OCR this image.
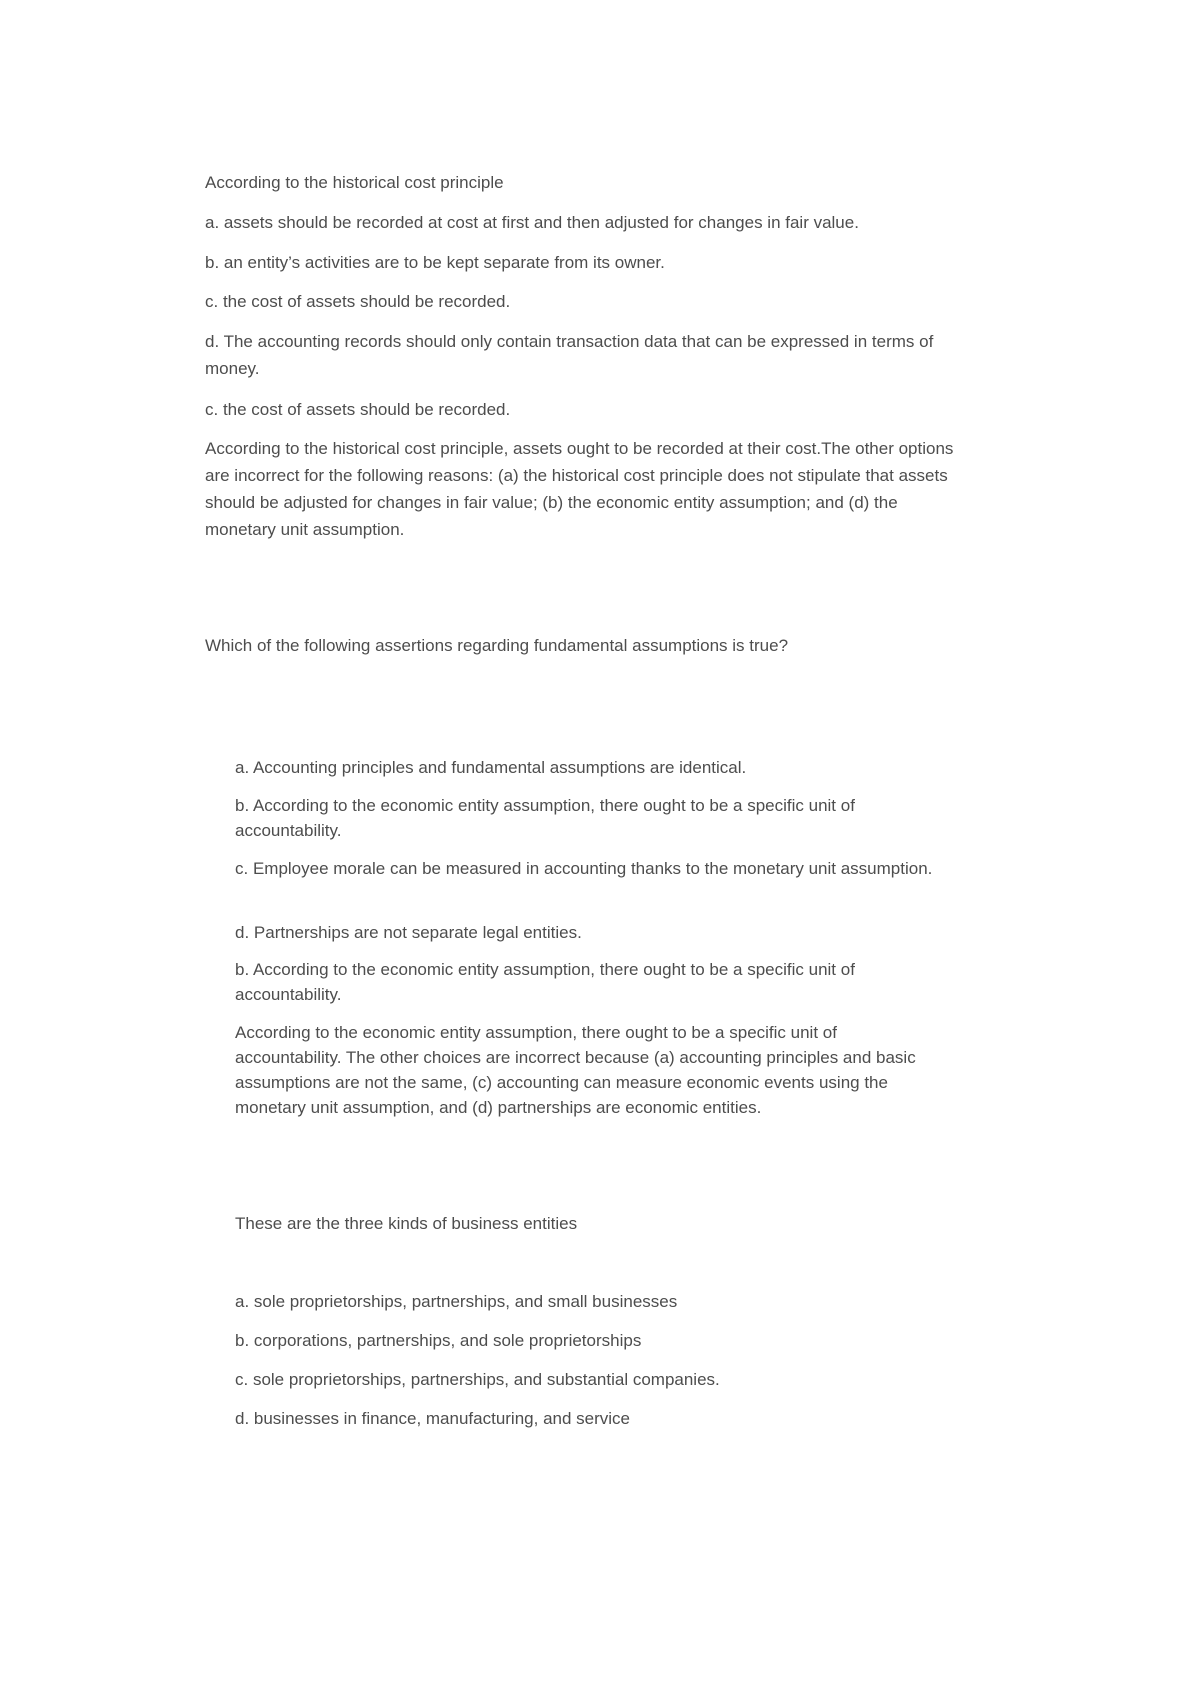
According to the historical cost principle

a. assets should be recorded at cost at first and then adjusted for changes in fair value.

b. an entity’s activities are to be kept separate from its owner.

c. the cost of assets should be recorded.

d. The accounting records should only contain transaction data that can be expressed in terms of money.

c. the cost of assets should be recorded.

According to the historical cost principle, assets ought to be recorded at their cost.The other options are incorrect for the following reasons: (a) the historical cost principle does not stipulate that assets should be adjusted for changes in fair value; (b) the economic entity assumption; and (d) the monetary unit assumption.

Which of the following assertions regarding fundamental assumptions is true?

a. Accounting principles and fundamental assumptions are identical.

b. According to the economic entity assumption, there ought to be a specific unit of accountability.

c. Employee morale can be measured in accounting thanks to the monetary unit assumption.

d. Partnerships are not separate legal entities.

b. According to the economic entity assumption, there ought to be a specific unit of accountability.

According to the economic entity assumption, there ought to be a specific unit of accountability. The other choices are incorrect because (a) accounting principles and basic assumptions are not the same, (c) accounting can measure economic events using the monetary unit assumption, and (d) partnerships are economic entities.

These are the three kinds of business entities

a. sole proprietorships, partnerships, and small businesses

b. corporations, partnerships, and sole proprietorships

c. sole proprietorships, partnerships, and substantial companies.

d. businesses in finance, manufacturing, and service
